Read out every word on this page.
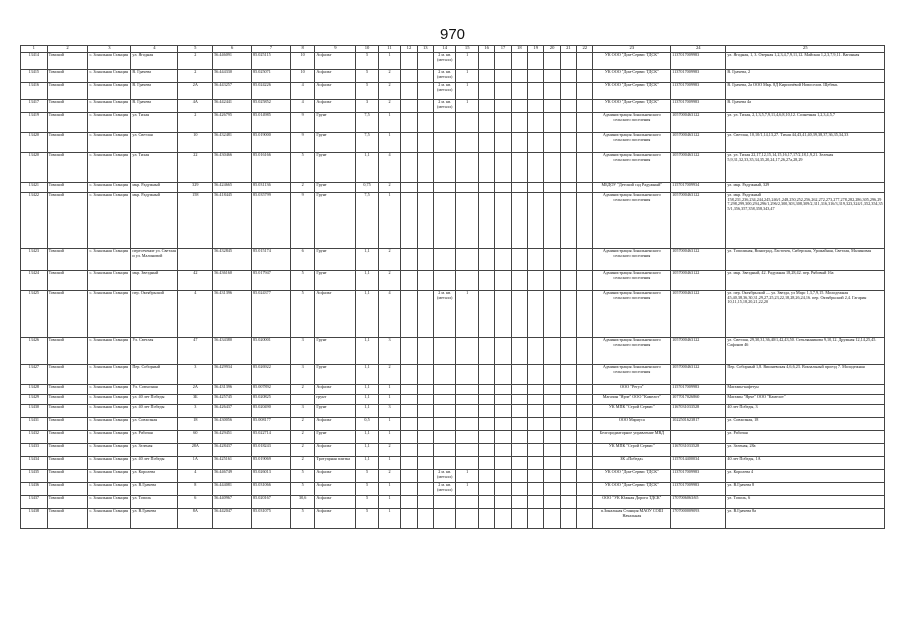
970
1	2	3	4	5	6	7	8	9	10	11	12	13	14	15	16	17	18	19	20	21	22	23	24	25
13414	Томский	с. Зональная Станция	ул. Ягодная	2	56.446091	85.025115	10	Асфальт	5	1			2 м. кв. (металл)	1								УК ООО "Дом-Сервис ТДСК"	1137017009983	ул. Ягодная, 1, 3. Озерная 1,2,3,4,7,9,11,12. Майская 1,2,3,7,9,11. Вагонная
13415	Томский	с. Зональная Станция	В. Грачева	2	56.444330	85.025071	10	Асфальт	5	2			2 м. кв. (металл)	1								УК ООО "Дом-Сервис ТДСК"	1137017009983	В. Грачева, 2
13416	Томский	с. Зональная Станция	В. Грачева	2А	56.443257	85.024226	4	Асфальт	5	2			2 м. кв. (металл)	1								УК ООО "Дом-Сервис ТДСК"	1137017009983	В. Грачева, 2а ООО Мкр. 8Д Кирпичёвой Новоселов. Щебень
13417	Томский	с. Зональная Станция	В. Грачева	4А	56.442441	85.025852	4	Асфальт	3	2			2 м. кв. (металл)	1								УК ООО "Дом-Сервис ТДСК"	1137017009983	В. Грачева 4а
13419	Томский	с. Зональная Станция	ул. Тихая	2	56.426795	85.014985	9	Грунт	7,5	1												Администрация Зональненского сельского поселения	1057000463122	ул. ул. Тихая, 2,1,3,5,7,9,11,4,6,8,10,12. Солнечная 1,2,3,4,5,7
13420	Томский	с. Зональная Станция	ул. Светлая	10	56.432481	85.019000	9	Грунт	7,5	1												Администрация Зональненского сельского поселения	1057000463122	ул. Светлая, 10,10/1,14,13,27. Тихая 44,43,41,40,39,38,37,36,35,34,33
13420	Томский	с. Зональная Станция	ул. Тихая	22	56.430466	85.016166	5	Грунт	1,1	4												Администрация Зональненского сельского поселения	1057000463122	ул. ул. Тихая 22,17,12,15,14,15,16,17,17/2,18,1,9,21. Зеленая 5,9,31,32,33,35,34,35,20,24,17,26,27а,28,29
13421	Томский	с. Зональная Станция	мкр. Радужный	329	56.424665	85.031136	2	Грунт	0,75	2												МБДОУ "Детский сад Радужный"	1157017009934	ул. мкр. Радужный, 329
13422	Томский	с. Зональная Станция	мкр. Радужный	158	56.418445	85.035799	9	Грунт	7,5	1												Администрация Зональненского сельского поселения	1057000463122	ул. мкр. Радужный 158,231,236,234,244,245,246/1,248,250,252,256,262,272,273,277,278,282,286,305,296,297,298,299,300,294,296/1,296/2,300,303,308,309/2,311,316,316/3,319,323,324/1,352,354,355/1,356,357,358,358,343,47
13423	Томский	с. Зональная Станция	пересечение ул. Светлая и ул. Малиновой		56.432845	85.015174	6	Грунт	1,1	2												Администрация Зональненского сельского поселения	1057000463122	ул. Тополиная, Виноград, Ласточек, Сиберская, Урожайная, Светлая, Малиновая
13424	Томский	с. Зональная Станция	мкр. Звездный	42	56.436160	85.017947	5	Грунт	1,1	2												Администрация Зональненского сельского поселения	1057000463122	ул. мкр. Звездный, 42. Радужная 18,28,42. пер. Рябовый 16а
13425	Томский	с. Зональная Станция	пер. Октябрьский	4	56.431396	85.024377	5	Асфальт	1,1	4			2 м. кв. (металл)	1								Администрация Зональненского сельского поселения	1057000463122	ул. пер. Октябрьский — ул. Звезда, ул Марс 1,3,7,9,15. Молодежная 45,40,38,36,30,31,29,27,25,23,22,18,28,26,24,16. пер. Октябрьский 2,4. Гагарин 10,11,15,18,20,21,22,20
13426	Томский	с. Зональная Станция	Ул. Светлая	47	56.434380	85.020001	3	Грунт	1,1	3												Администрация Зональненского сельского поселения	1057000463122	ул. Светлая, 29,30,31,36,40/1,42,43,50. Стеклянникова 9,10,12. Дружная 12,14,25,45. Сафонов 46
13427	Томский	с. Зональная Станция	Пер. Соборный	3	56.429934	85.026922	3	Грунт	1,1	2												Администрация Зональненского сельского поселения	1057000463122	Пер. Соборный 1,8. Вишневская 4,6,6,23. Вокзальный проезд 7. Молодежная
13428	Томский	с. Зональная Станция	Ул. Совхозная	2А	56.431396	85.007892	2	Асфальт	1,1	1												ООО "Регул"	1157017009983	Магазин-кафетун
13429	Томский	с. Зональная Станция	ул. 40 лет Победы	3Б	56.425745	85.020825		грунт	1,1	1												Магазин "Ярче" ООО "Камелот"	1077017026860	Магазин "Ярче" ООО "Камелот"
13430	Томский	с. Зональная Станция	ул. 40 лет Победы	3	56.426437	85.020490	3	Грунт	1,1	3												УК МПК "Строй Сервис"	1167031033528	40 лет Победы, 3
13431	Томский	с. Зональная Станция	ул. Совхозная	18	56.430056	85.008177	2	Асфальт	0,5	1												ООО Мариуса	1022501623817	ул. Совхозная, 18
13432	Томский	с. Зональная Станция	ул. Рабочая	60	56.429451	85.022714	2	Грунт	1,1	1												Белгородиаторное управление МВД		ул. Рабочая
13433	Томский	с. Зональная Станция	ул. Зеленая	28А	56.428437	85.018243	2	Асфальт	1,1	2												УК МПК "Строй Сервис"	1167031033528	ул. Зеленая, 28а
13434	Томский	с. Зональная Станция	ул. 40 лет Победы	1А	56.425161	85.019069	2	Тротуарная плитка	1,1	1												ЗК «Победа»	1157014400034	40 лет Победы, 1А
13435	Томский	с. Зональная Станция	ул. Королева	4	56.446749	85.026013	5	Асфальт	5	2			2 м. кв. (металл)	1								УК ООО "Дом-Сервис ТДСК"	1137017009983	ул. Королева 4
13436	Томский	с. Зональная Станция	ул. В.Грачева	8	56.444081	85.031066	5	Асфальт	5	1			2 м. кв. (металл)	1								УК ООО "Дом-Сервис ТДСК"	1137017009983	ул. В.Грачева 8
13437	Томский	с. Зональная Станция	ул. Тополь	6	56.440967	85.020167	30,6	Асфальт	5	1												ООО "УК Южная Дорога ТДСК"	1707006063/65	ул. Тополь, 6
13438	Томский	с. Зональная Станция	ул. В.Грачева	8А	56.442047	85.031075	5	Асфальт	5	1												п.Зональная Станция МАОУ СОШ Начальная	1707000009093	ул. В.Грачева 8а
